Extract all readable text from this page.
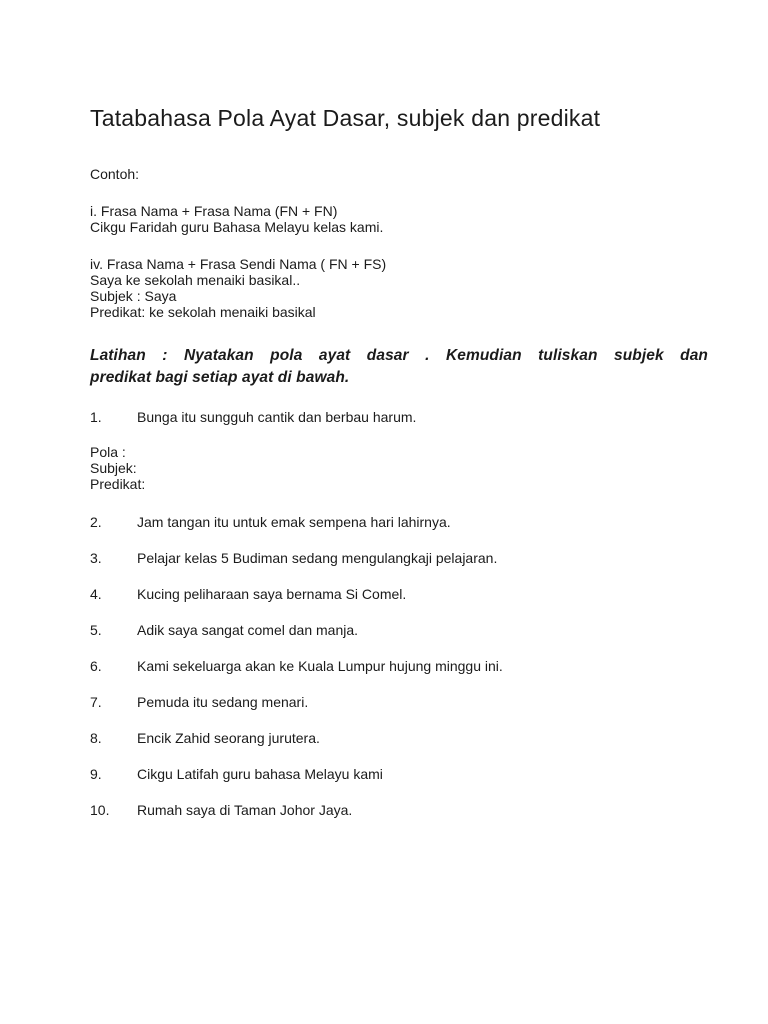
Tatabahasa Pola Ayat Dasar, subjek dan predikat
Contoh:
i. Frasa Nama + Frasa Nama (FN + FN)
Cikgu Faridah guru Bahasa Melayu kelas kami.
iv. Frasa Nama + Frasa Sendi Nama ( FN + FS)
Saya ke sekolah menaiki basikal..
Subjek : Saya
Predikat: ke sekolah menaiki basikal
Latihan : Nyatakan pola ayat dasar . Kemudian tuliskan subjek dan
predikat bagi setiap ayat di bawah.
1.	Bunga itu sungguh cantik dan berbau harum.
Pola :
Subjek:
Predikat:
2.	Jam tangan itu untuk emak sempena hari lahirnya.
3.	Pelajar kelas 5 Budiman sedang mengulangkaji pelajaran.
4.	Kucing peliharaan saya bernama Si Comel.
5.	Adik saya sangat comel dan manja.
6.	Kami sekeluarga akan ke Kuala Lumpur hujung minggu ini.
7.	Pemuda itu sedang menari.
8.	Encik Zahid seorang jurutera.
9.	Cikgu Latifah guru bahasa Melayu kami
10.	Rumah saya di Taman Johor Jaya.
